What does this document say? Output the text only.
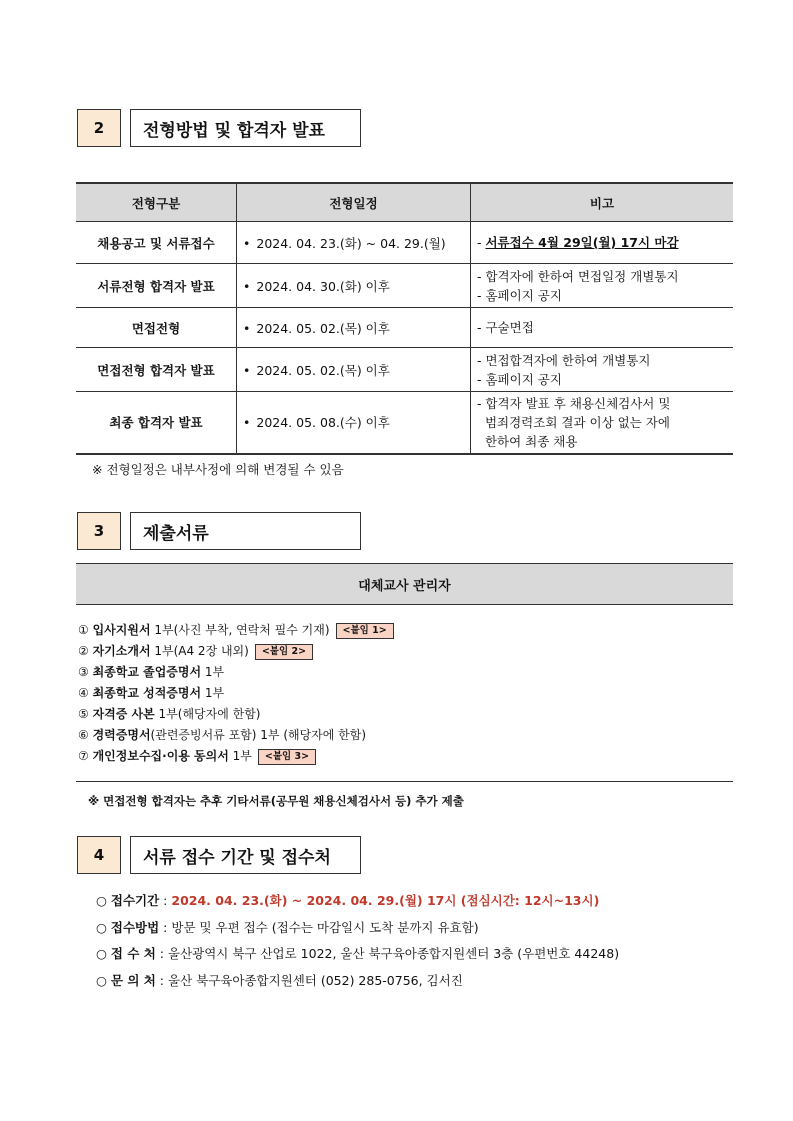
2	전형방법 및 합격자 발표
전형구분	전형일정	비고
채용공고 및 서류접수	• 2024. 04. 23.(화) ~ 04. 29.(월)	- 서류접수 4월 29일(월) 17시 마감

서류전형 합격자 발표	• 2024. 04. 30.(화) 이후	- 합격자에 한하여 면접일정 개별통지
- 홈페이지 공지

면접전형	• 2024. 05. 02.(목) 이후	- 구술면접

면접전형 합격자 발표	• 2024. 05. 02.(목) 이후	- 면접합격자에 한하여 개별통지
- 홈페이지 공지

최종 합격자 발표	• 2024. 05. 08.(수) 이후	- 합격자 발표 후 채용신체검사서 및
범죄경력조회 결과 이상 없는 자에
한하여 최종 채용
※ 전형일정은 내부사정에 의해 변경될 수 있음
3	제출서류
대체교사 관리자
① 입사지원서 1부(사진 부착, 연락처 필수 기재) <붙임 1>
② 자기소개서 1부(A4 2장 내외) <붙임 2>
③ 최종학교 졸업증명서 1부
④ 최종학교 성적증명서 1부
⑤ 자격증 사본 1부(해당자에 한함)
⑥ 경력증명서(관련증빙서류 포함) 1부 (해당자에 한함)
⑦ 개인정보수집·이용 동의서 1부 <붙임 3>
※ 면접전형 합격자는 추후 기타서류(공무원 채용신체검사서 등) 추가 제출
4	서류 접수 기간 및 접수처
○ 접수기간 : 2024. 04. 23.(화) ~ 2024. 04. 29.(월) 17시 (점심시간: 12시~13시)
○ 접수방법 : 방문 및 우편 접수 (접수는 마감일시 도착 분까지 유효함)
○ 접 수 처 : 울산광역시 북구 산업로 1022, 울산 북구육아종합지원센터 3층 (우편번호 44248)
○ 문 의 처 : 울산 북구육아종합지원센터 (052) 285-0756, 김서진
